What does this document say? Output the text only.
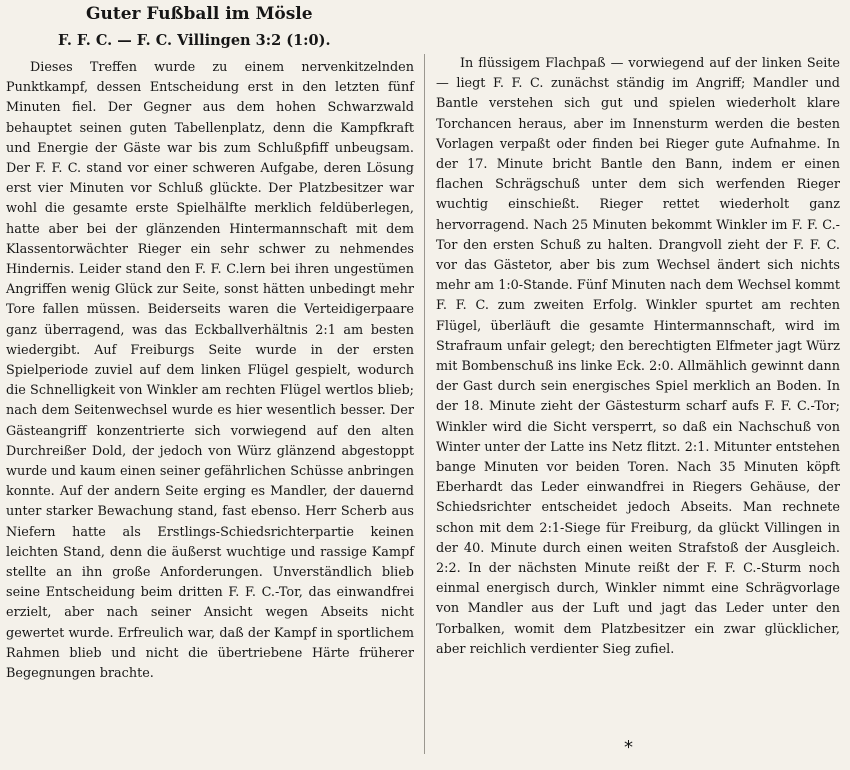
Guter Fußball im Möslе
F. F. C. — F. C. Villingen 3:2 (1:0).

Dieses Treffen wurde zu einem nervenkitzelnden Punktkampf, dessen Entscheidung erst in den letzten fünf Minuten fiel. Der Gegner aus dem hohen Schwarzwald behauptet seinen guten Tabellenplatz, denn die Kampfkraft und Energie der Gäste war bis zum Schlußpfiff unbeugsam. Der F. F. C. stand vor einer schweren Aufgabe, deren Lösung erst vier Minuten vor Schluß glückte. Der Platzbesitzer war wohl die gesamte erste Spielhälfte merklich feldüberlegen, hatte aber bei der glänzenden Hintermannschaft mit dem Klassentorwächter Rieger ein sehr schwer zu nehmendes Hindernis. Leider stand den F. F. C.lern bei ihren ungestümen Angriffen wenig Glück zur Seite, sonst hätten unbedingt mehr Tore fallen müssen. Beiderseits waren die Verteidigerpaare ganz überragend, was das Eckballverhältnis 2:1 am besten wiedergibt. Auf Freiburgs Seite wurde in der ersten Spielperiode zuviel auf dem linken Flügel gespielt, wodurch die Schnelligkeit von Winkler am rechten Flügel wertlos blieb; nach dem Seitenwechsel wurde es hier wesentlich besser. Der Gästeangriff konzentrierte sich vorwiegend auf den alten Durchreißer Dold, der jedoch von Würz glänzend abgestoppt wurde und kaum einen seiner gefährlichen Schüsse anbringen konnte. Auf der andern Seite erging es Mandler, der dauernd unter starker Bewachung stand, fast ebenso. Herr Scherb aus Niefern hatte als Erstlings-Schiedsrichterpartie keinen leichten Stand, denn die äußerst wuchtige und rassige Kampf stellte an ihn große Anforderungen. Unverständlich blieb seine Entscheidung beim dritten F. F. C.-Tor, das einwandfrei erzielt, aber nach seiner Ansicht wegen Abseits nicht gewertet wurde. Erfreulich war, daß der Kampf in sportlichem Rahmen blieb und nicht die übertriebene Härte früherer Begegnungen brachte.

In flüssigem Flachpaß — vorwiegend auf der linken Seite — liegt F. F. C. zunächst ständig im Angriff; Mandler und Bantle verstehen sich gut und spielen wiederholt klare Torchancen heraus, aber im Innensturm werden die besten Vorlagen verpaßt oder finden bei Rieger gute Aufnahme. In der 17. Minute bricht Bantle den Bann, indem er einen flachen Schrägschuß unter dem sich werfenden Rieger wuchtig einschießt. Rieger rettet wiederholt ganz hervorragend. Nach 25 Minuten bekommt Winkler im F. F. C.-Tor den ersten Schuß zu halten. Drangvoll zieht der F. F. C. vor das Gästetor, aber bis zum Wechsel ändert sich nichts mehr am 1:0-Stande. Fünf Minuten nach dem Wechsel kommt F. F. C. zum zweiten Erfolg. Winkler spurtet am rechten Flügel, überläuft die gesamte Hintermannschaft, wird im Strafraum unfair gelegt; den berechtigten Elfmeter jagt Würz mit Bombenschuß ins linke Eck. 2:0. Allmählich gewinnt dann der Gast durch sein energisches Spiel merklich an Boden. In der 18. Minute zieht der Gästesturm scharf aufs F. F. C.-Tor; Winkler wird die Sicht versperrt, so daß ein Nachschuß von Winter unter der Latte ins Netz flitzt. 2:1. Mitunter entstehen bange Minuten vor beiden Toren. Nach 35 Minuten köpft Eberhardt das Leder einwandfrei in Riegers Gehäuse, der Schiedsrichter entscheidet jedoch Abseits. Man rechnete schon mit dem 2:1-Siege für Freiburg, da glückt Villingen in der 40. Minute durch einen weiten Strafstoß der Ausgleich. 2:2. In der nächsten Minute reißt der F. F. C.-Sturm noch einmal energisch durch, Winkler nimmt eine Schrägvorlage von Mandler aus der Luft und jagt das Leder unter den Torbalken, womit dem Platzbesitzer ein zwar glücklicher, aber reichlich verdienter Sieg zufiel.

*
